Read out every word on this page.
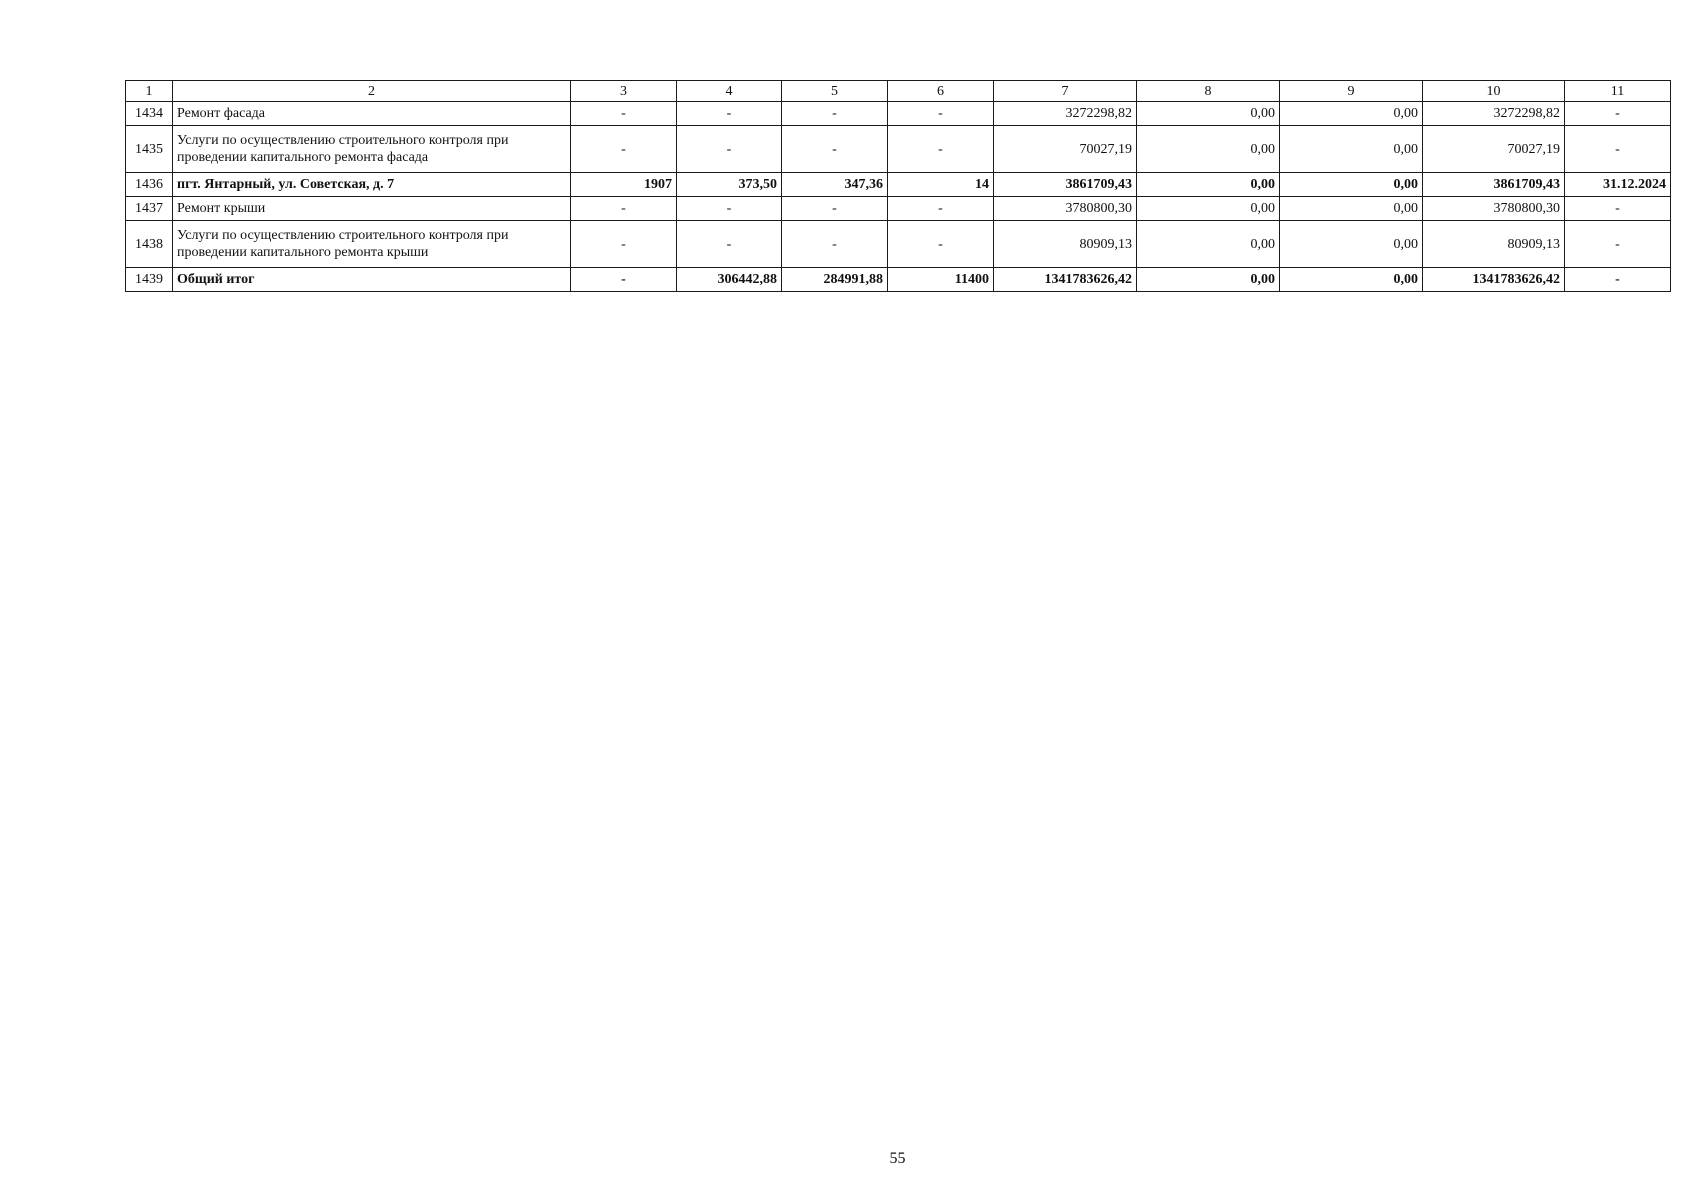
1	2	3	4	5	6	7	8	9	10	11
1434	Ремонт фасада	-	-	-	-	3272298,82	0,00	0,00	3272298,82	-
1435	Услуги по осуществлению строительного контроля при проведении капитального ремонта фасада	-	-	-	-	70027,19	0,00	0,00	70027,19	-
1436	пгт. Янтарный, ул. Советская, д. 7	1907	373,50	347,36	14	3861709,43	0,00	0,00	3861709,43	31.12.2024
1437	Ремонт крыши	-	-	-	-	3780800,30	0,00	0,00	3780800,30	-
1438	Услуги по осуществлению строительного контроля при проведении капитального ремонта крыши	-	-	-	-	80909,13	0,00	0,00	80909,13	-
1439	Общий итог	-	306442,88	284991,88	11400	1341783626,42	0,00	0,00	1341783626,42	-
55
